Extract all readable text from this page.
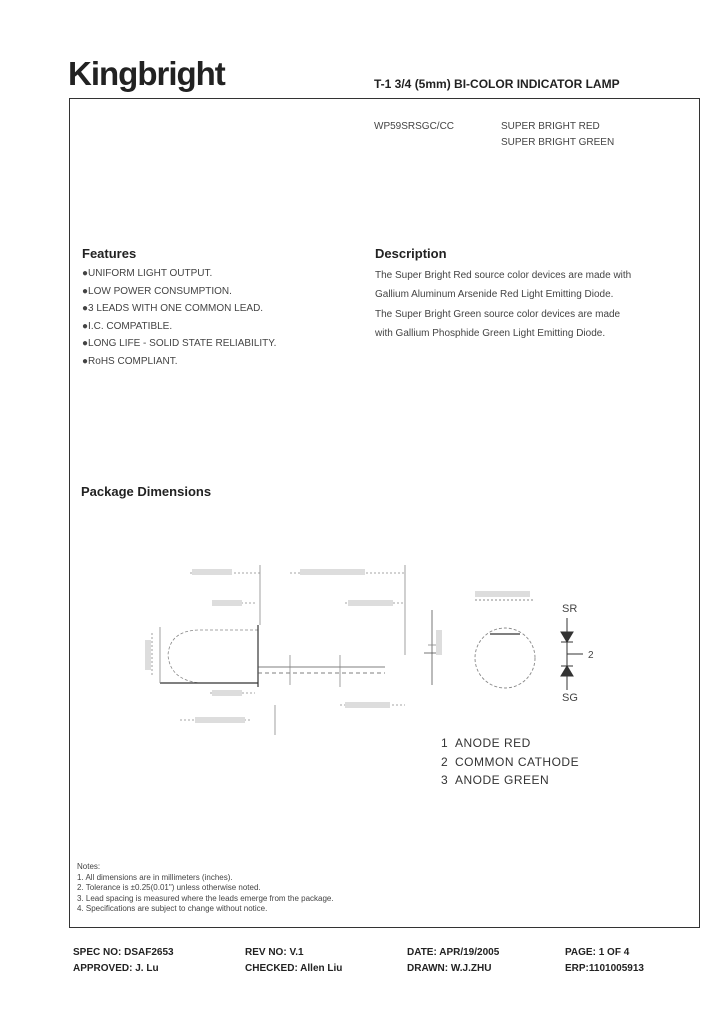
Kingbright	T-1 3/4 (5mm) BI-COLOR INDICATOR LAMP
WP59SRSGC/CC	SUPER BRIGHT RED
SUPER BRIGHT GREEN
Features
●UNIFORM LIGHT OUTPUT.
●LOW POWER CONSUMPTION.
●3 LEADS WITH ONE COMMON LEAD.
●I.C. COMPATIBLE.
●LONG LIFE - SOLID STATE RELIABILITY.
●RoHS COMPLIANT.
Description
The Super Bright Red source color devices are made with
Gallium Aluminum Arsenide Red Light Emitting Diode.
The Super Bright Green source color devices are made
with Gallium Phosphide Green Light Emitting Diode.
Package Dimensions
SR
2
SG
1 ANODE RED
2 COMMON CATHODE
3 ANODE GREEN
Notes:
1. All dimensions are in millimeters (inches).
2. Tolerance is ±0.25(0.01") unless otherwise noted.
3. Lead spacing is measured where the leads emerge from the package.
4. Specifications are subject to change without notice.
SPEC NO: DSAF2653	REV NO: V.1	DATE: APR/19/2005	PAGE: 1 OF 4
APPROVED: J. Lu	CHECKED: Allen Liu	DRAWN: W.J.ZHU	ERP:1101005913
